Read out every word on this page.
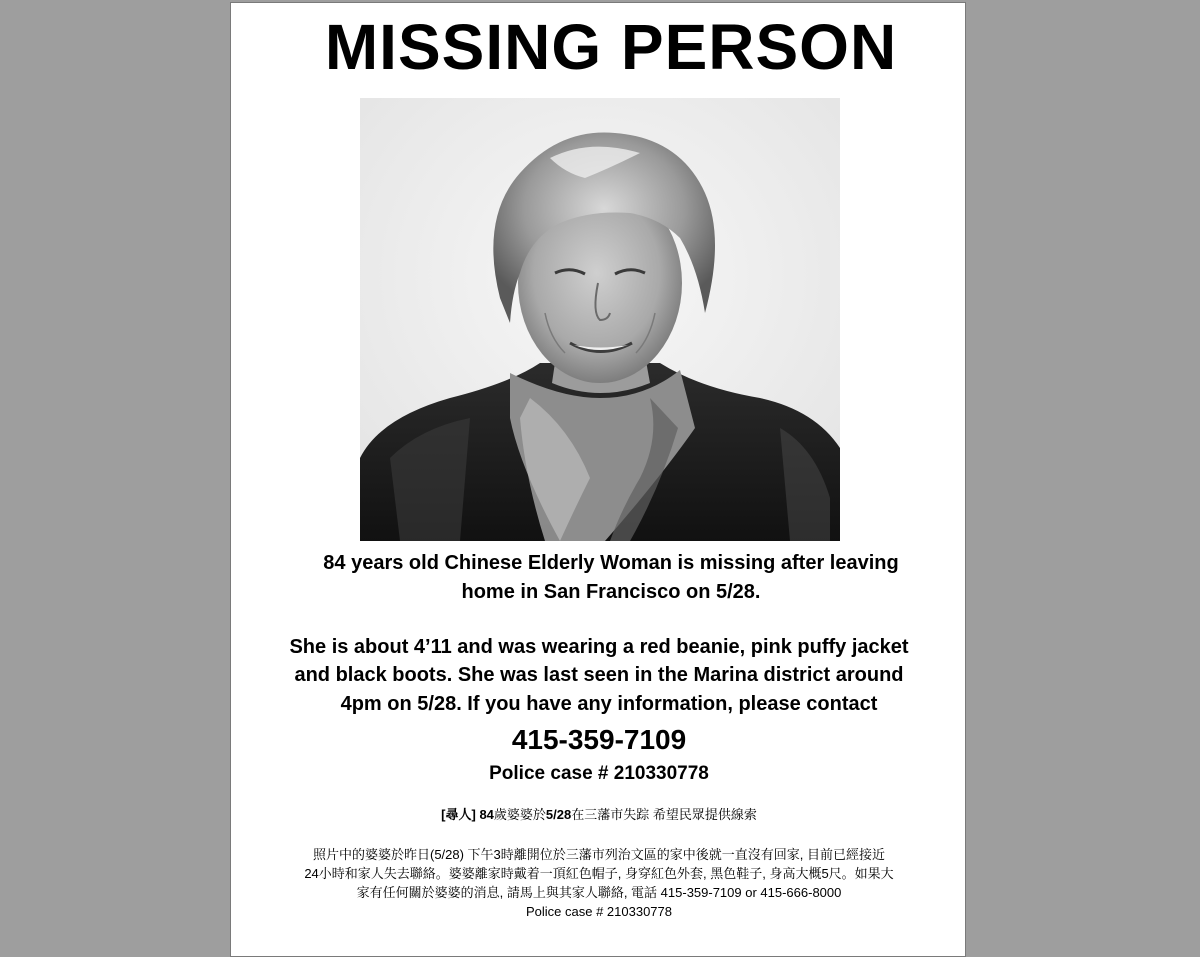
MISSING PERSON
84 years old Chinese Elderly Woman is missing after leaving
home in San Francisco on 5/28.
She is about 4’11 and was wearing a red beanie, pink puffy jacket
and black boots. She was last seen in the Marina district around
4pm on 5/28. If you have any information, please contact
415-359-7109
Police case # 210330778
[尋人] 84歲婆婆於5/28在三藩市失踪 希望民眾提供線索
照片中的婆婆於昨日(5/28) 下午3時離開位於三藩市列治文區的家中後就一直沒有回家, 目前已經接近
24小時和家人失去聯絡。婆婆離家時戴着一頂紅色帽子, 身穿紅色外套, 黑色鞋子, 身高大概5尺。如果大
家有任何關於婆婆的消息, 請馬上與其家人聯絡, 電話 415-359-7109 or 415-666-8000
Police case # 210330778
